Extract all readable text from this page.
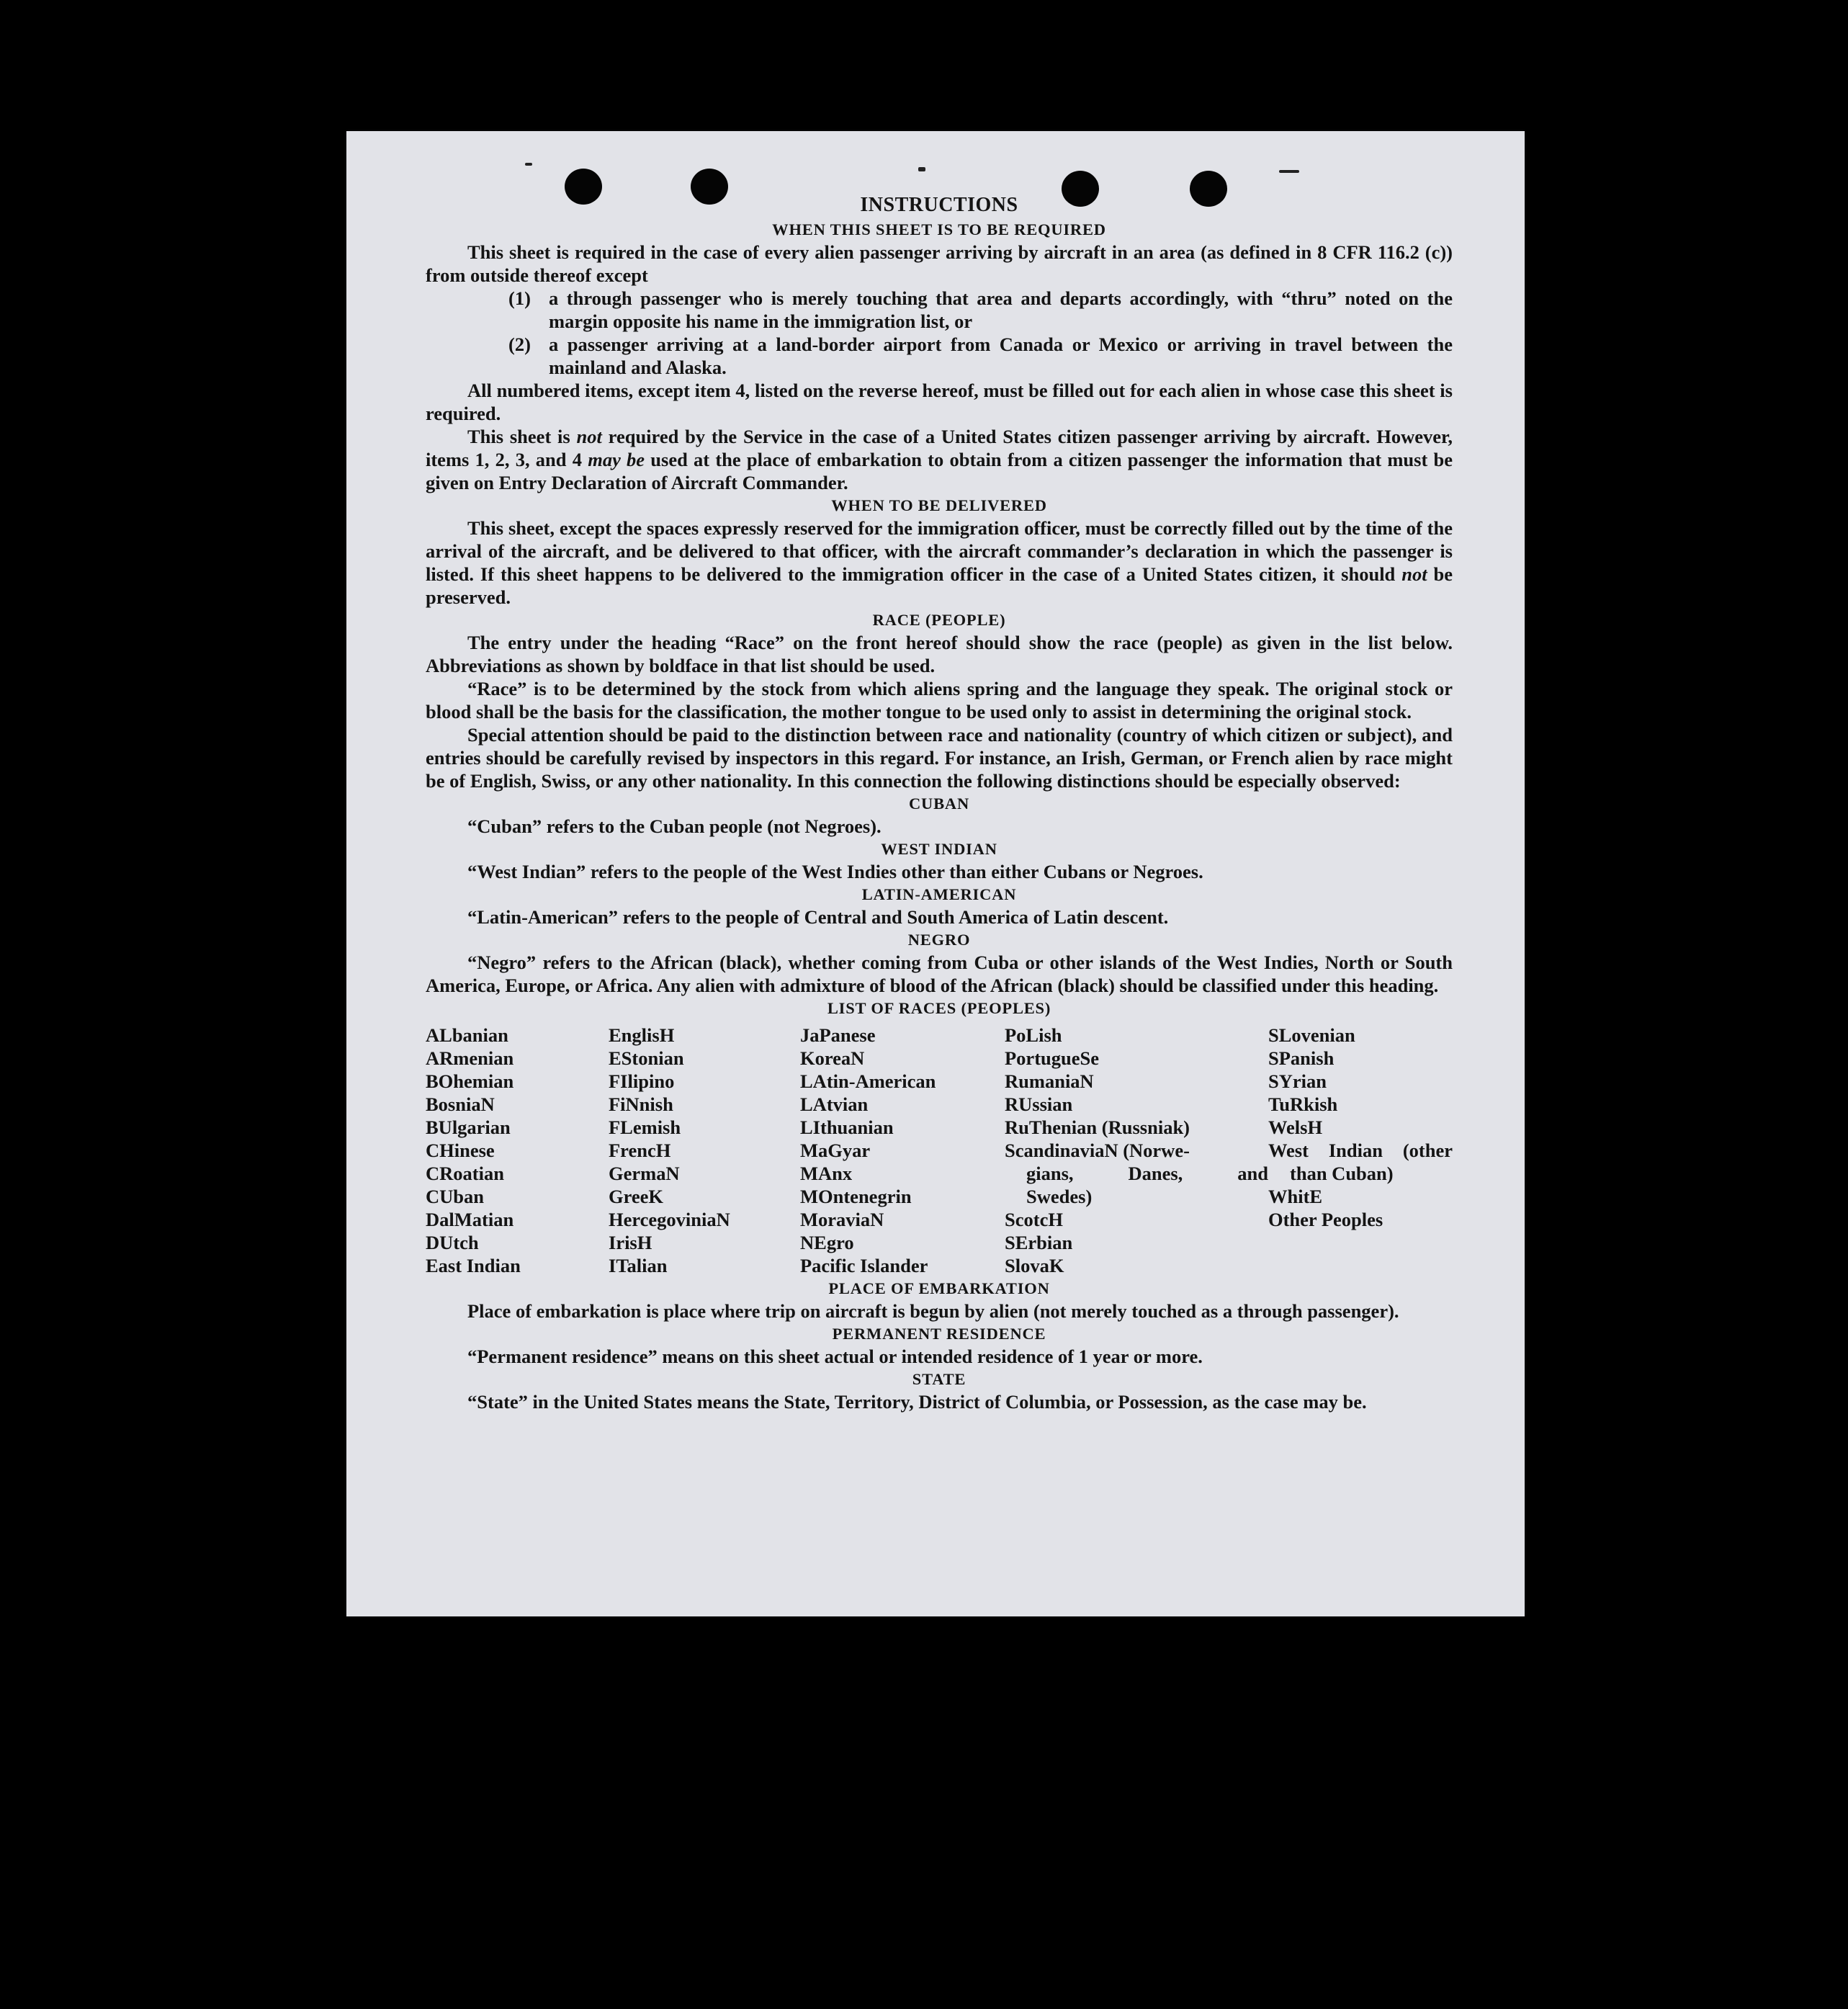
INSTRUCTIONS
WHEN THIS SHEET IS TO BE REQUIRED
This sheet is required in the case of every alien passenger arriving by aircraft in an area (as defined in 8 CFR 116.2 (c)) from outside thereof except
(1) a through passenger who is merely touching that area and departs accordingly, with “thru” noted on the margin opposite his name in the immigration list, or
(2) a passenger arriving at a land-border airport from Canada or Mexico or arriving in travel between the mainland and Alaska.
All numbered items, except item 4, listed on the reverse hereof, must be filled out for each alien in whose case this sheet is required.
This sheet is not required by the Service in the case of a United States citizen passenger arriving by aircraft. However, items 1, 2, 3, and 4 may be used at the place of embarkation to obtain from a citizen passenger the information that must be given on Entry Declaration of Aircraft Commander.
WHEN TO BE DELIVERED
This sheet, except the spaces expressly reserved for the immigration officer, must be correctly filled out by the time of the arrival of the aircraft, and be delivered to that officer, with the aircraft commander’s declaration in which the passenger is listed. If this sheet happens to be delivered to the immigration officer in the case of a United States citizen, it should not be preserved.
RACE (PEOPLE)
The entry under the heading “Race” on the front hereof should show the race (people) as given in the list below. Abbreviations as shown by boldface in that list should be used.
“Race” is to be determined by the stock from which aliens spring and the language they speak. The original stock or blood shall be the basis for the classification, the mother tongue to be used only to assist in determining the original stock.
Special attention should be paid to the distinction between race and nationality (country of which citizen or subject), and entries should be carefully revised by inspectors in this regard. For instance, an Irish, German, or French alien by race might be of English, Swiss, or any other nationality. In this connection the following distinctions should be especially observed:
CUBAN
“Cuban” refers to the Cuban people (not Negroes).
WEST INDIAN
“West Indian” refers to the people of the West Indies other than either Cubans or Negroes.
LATIN-AMERICAN
“Latin-American” refers to the people of Central and South America of Latin descent.
NEGRO
“Negro” refers to the African (black), whether coming from Cuba or other islands of the West Indies, North or South America, Europe, or Africa. Any alien with admixture of blood of the African (black) should be classified under this heading.
LIST OF RACES (PEOPLES)
ALbanian
ARmenian
BOhemian
BosniaN
BUlgarian
CHinese
CRoatian
CUban
DalMatian
DUtch
East Indian
EnglisH
EStonian
FIlipino
FiNnish
FLemish
FrencH
GermaN
GreeK
HercegoviniaN
IrisH
ITalian
JaPanese
KoreaN
LAtin-American
LAtvian
LIthuanian
MaGyar
MAnx
MOntenegrin
MoraviaN
NEgro
Pacific Islander
PoLish
PortugueSe
RumaniaN
RUssian
RuThenian (Russniak)
ScandinaviaN (Norwe-
gians,	Danes,	and
Swedes)
ScotcH
SErbian
SlovaK
SLovenian
SPanish
SYrian
TuRkish
WelsH
West Indian (other
than Cuban)
WhitE
Other Peoples
PLACE OF EMBARKATION
Place of embarkation is place where trip on aircraft is begun by alien (not merely touched as a through passenger).
PERMANENT RESIDENCE
“Permanent residence” means on this sheet actual or intended residence of 1 year or more.
STATE
“State” in the United States means the State, Territory, District of Columbia, or Possession, as the case may be.
